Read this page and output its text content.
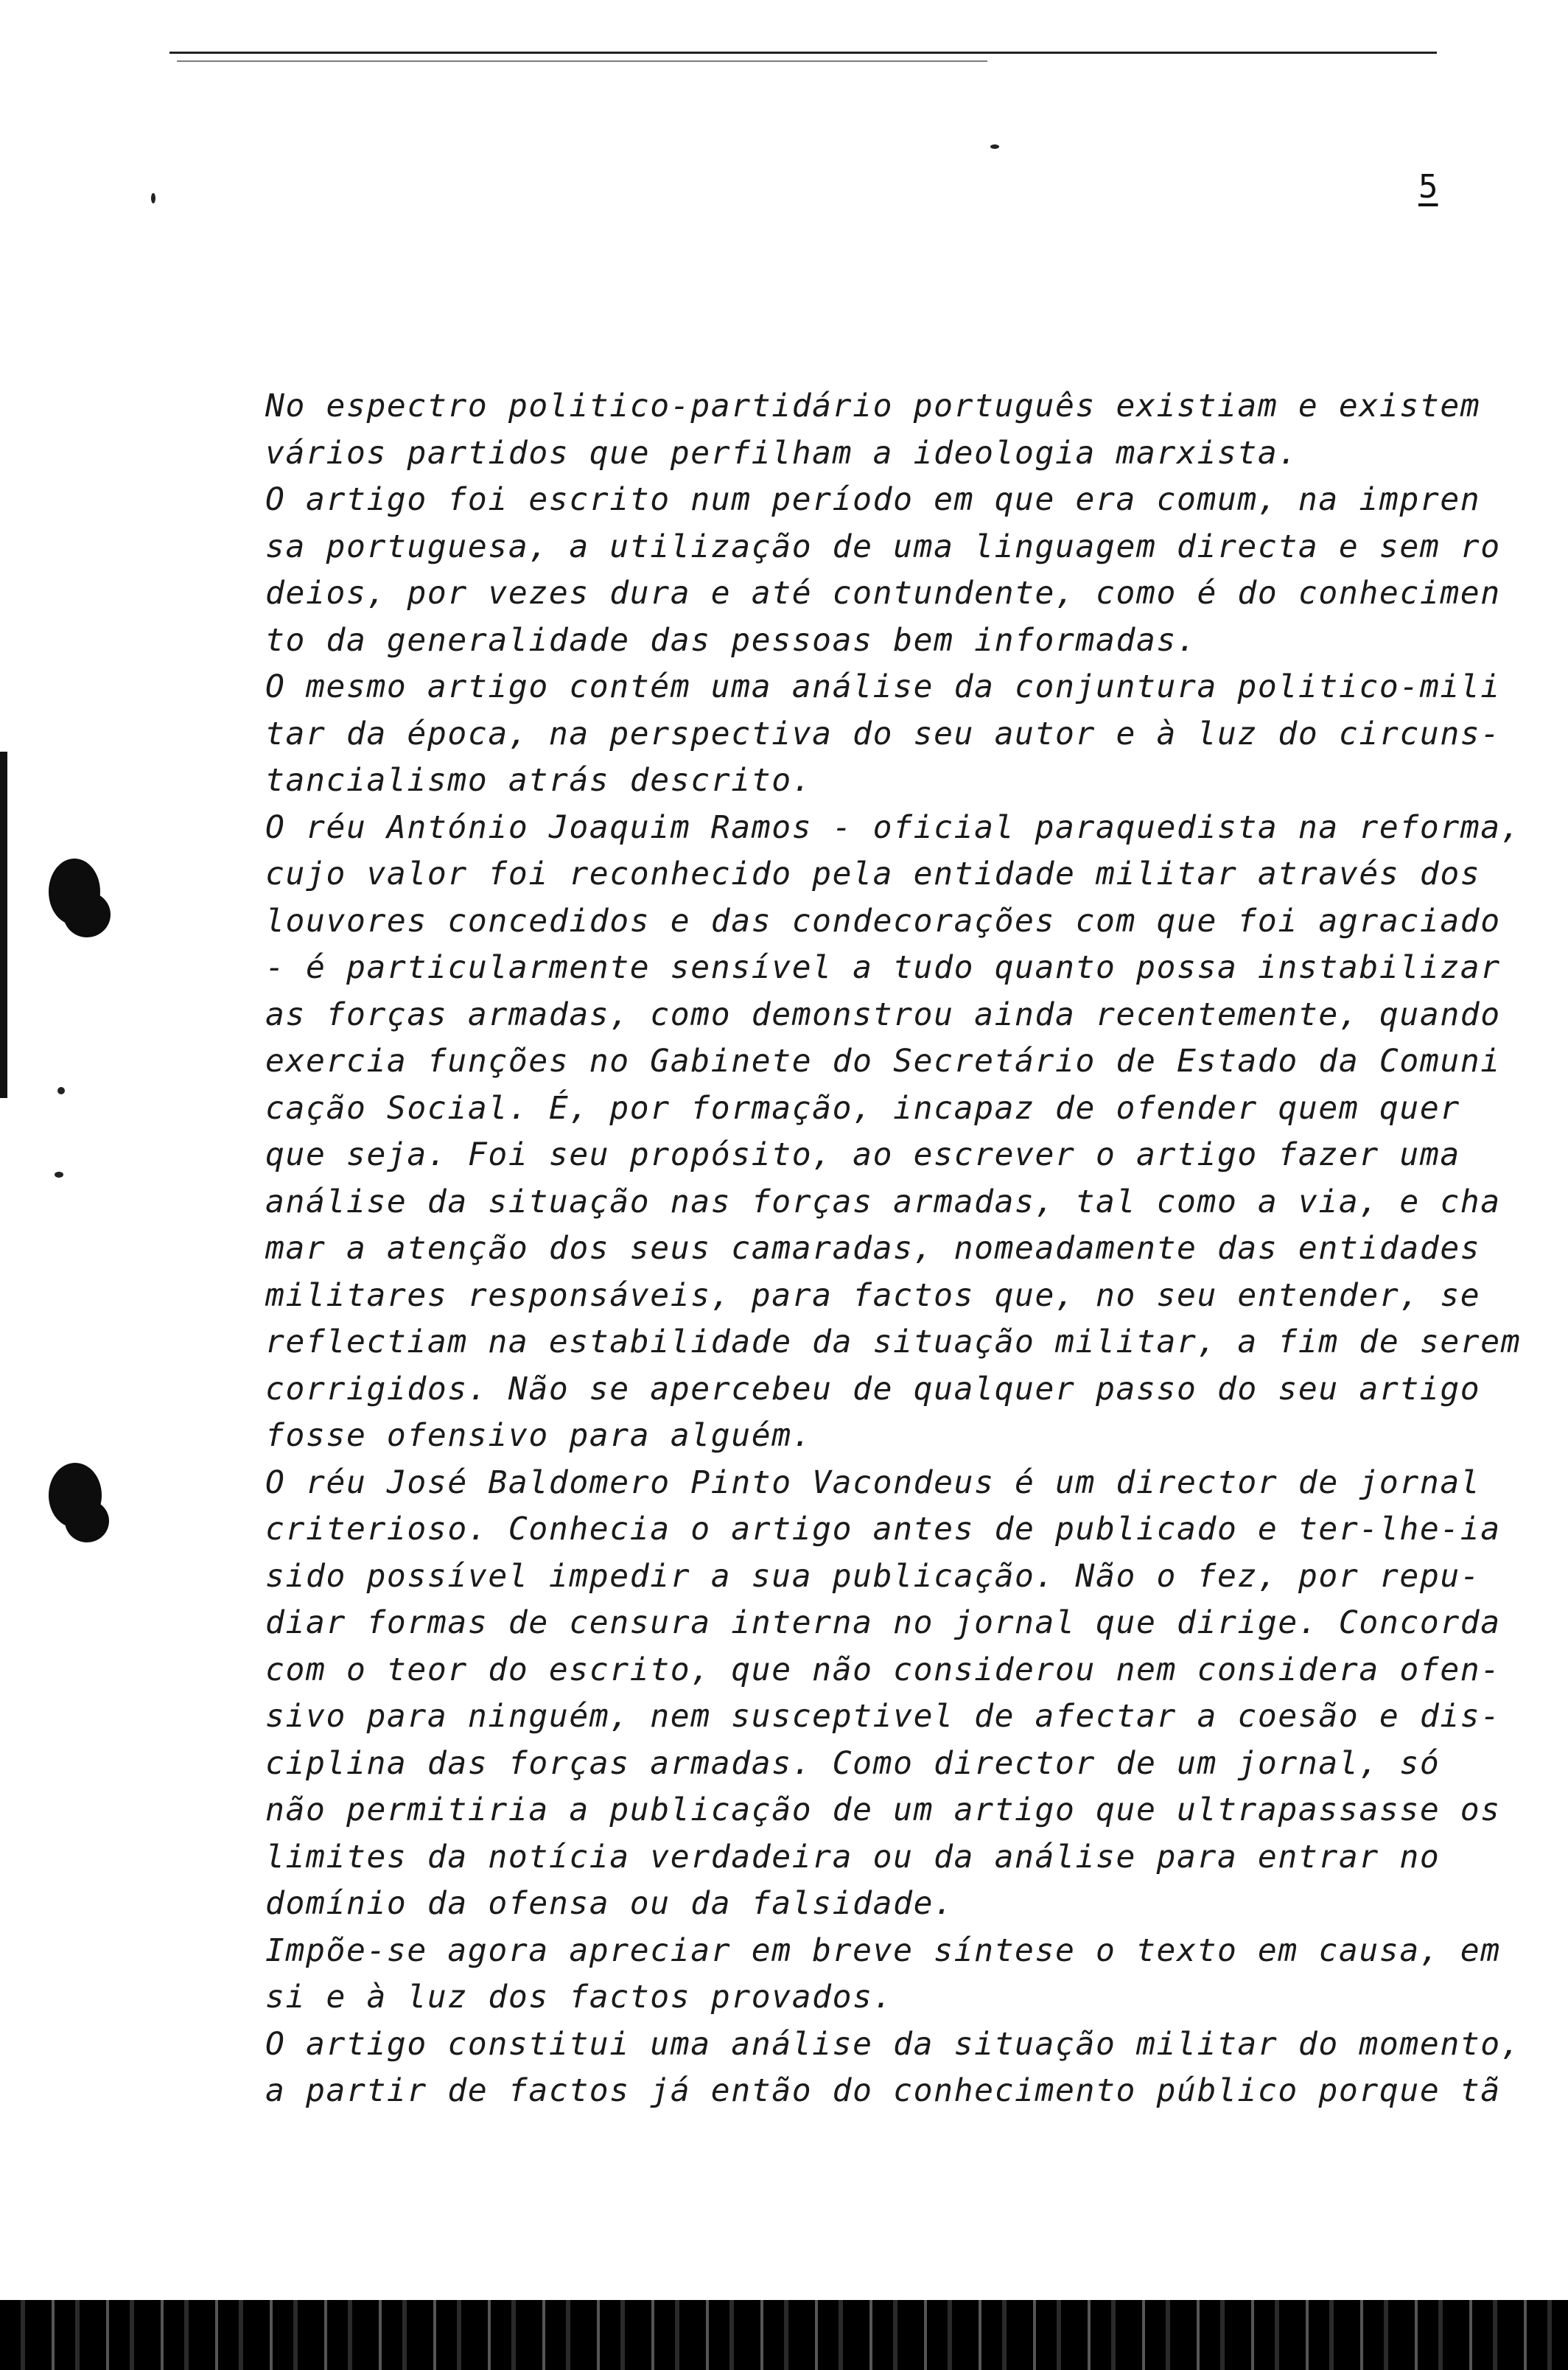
5
No espectro politico-partidário português existiam e existem
vários partidos que perfilham a ideologia marxista.
O artigo foi escrito num período em que era comum, na impren
sa portuguesa, a utilização de uma linguagem directa e sem ro
deios, por vezes dura e até contundente, como é do conhecimen
to da generalidade das pessoas bem informadas.
O mesmo artigo contém uma análise da conjuntura politico-mili
tar da época, na perspectiva do seu autor e à luz do circuns-
tancialismo atrás descrito.
O réu António Joaquim Ramos - oficial paraquedista na reforma,
cujo valor foi reconhecido pela entidade militar através dos
louvores concedidos e das condecorações com que foi agraciado
- é particularmente sensível a tudo quanto possa instabilizar
as forças armadas, como demonstrou ainda recentemente, quando
exercia funções no Gabinete do Secretário de Estado da Comuni
cação Social. É, por formação, incapaz de ofender quem quer
que seja. Foi seu propósito, ao escrever o artigo fazer uma
análise da situação nas forças armadas, tal como a via, e cha
mar a atenção dos seus camaradas, nomeadamente das entidades
militares responsáveis, para factos que, no seu entender, se
reflectiam na estabilidade da situação militar, a fim de serem
corrigidos. Não se apercebeu de qualquer passo do seu artigo
fosse ofensivo para alguém.
O réu José Baldomero Pinto Vacondeus é um director de jornal
criterioso. Conhecia o artigo antes de publicado e ter-lhe-ia
sido possível impedir a sua publicação. Não o fez, por repu-
diar formas de censura interna no jornal que dirige. Concorda
com o teor do escrito, que não considerou nem considera ofen-
sivo para ninguém, nem susceptivel de afectar a coesão e dis-
ciplina das forças armadas. Como director de um jornal, só
não permitiria a publicação de um artigo que ultrapassasse os
limites da notícia verdadeira ou da análise para entrar no
domínio da ofensa ou da falsidade.
Impõe-se agora apreciar em breve síntese o texto em causa, em
si e à luz dos factos provados.
O artigo constitui uma análise da situação militar do momento,
a partir de factos já então do conhecimento público porque tã
